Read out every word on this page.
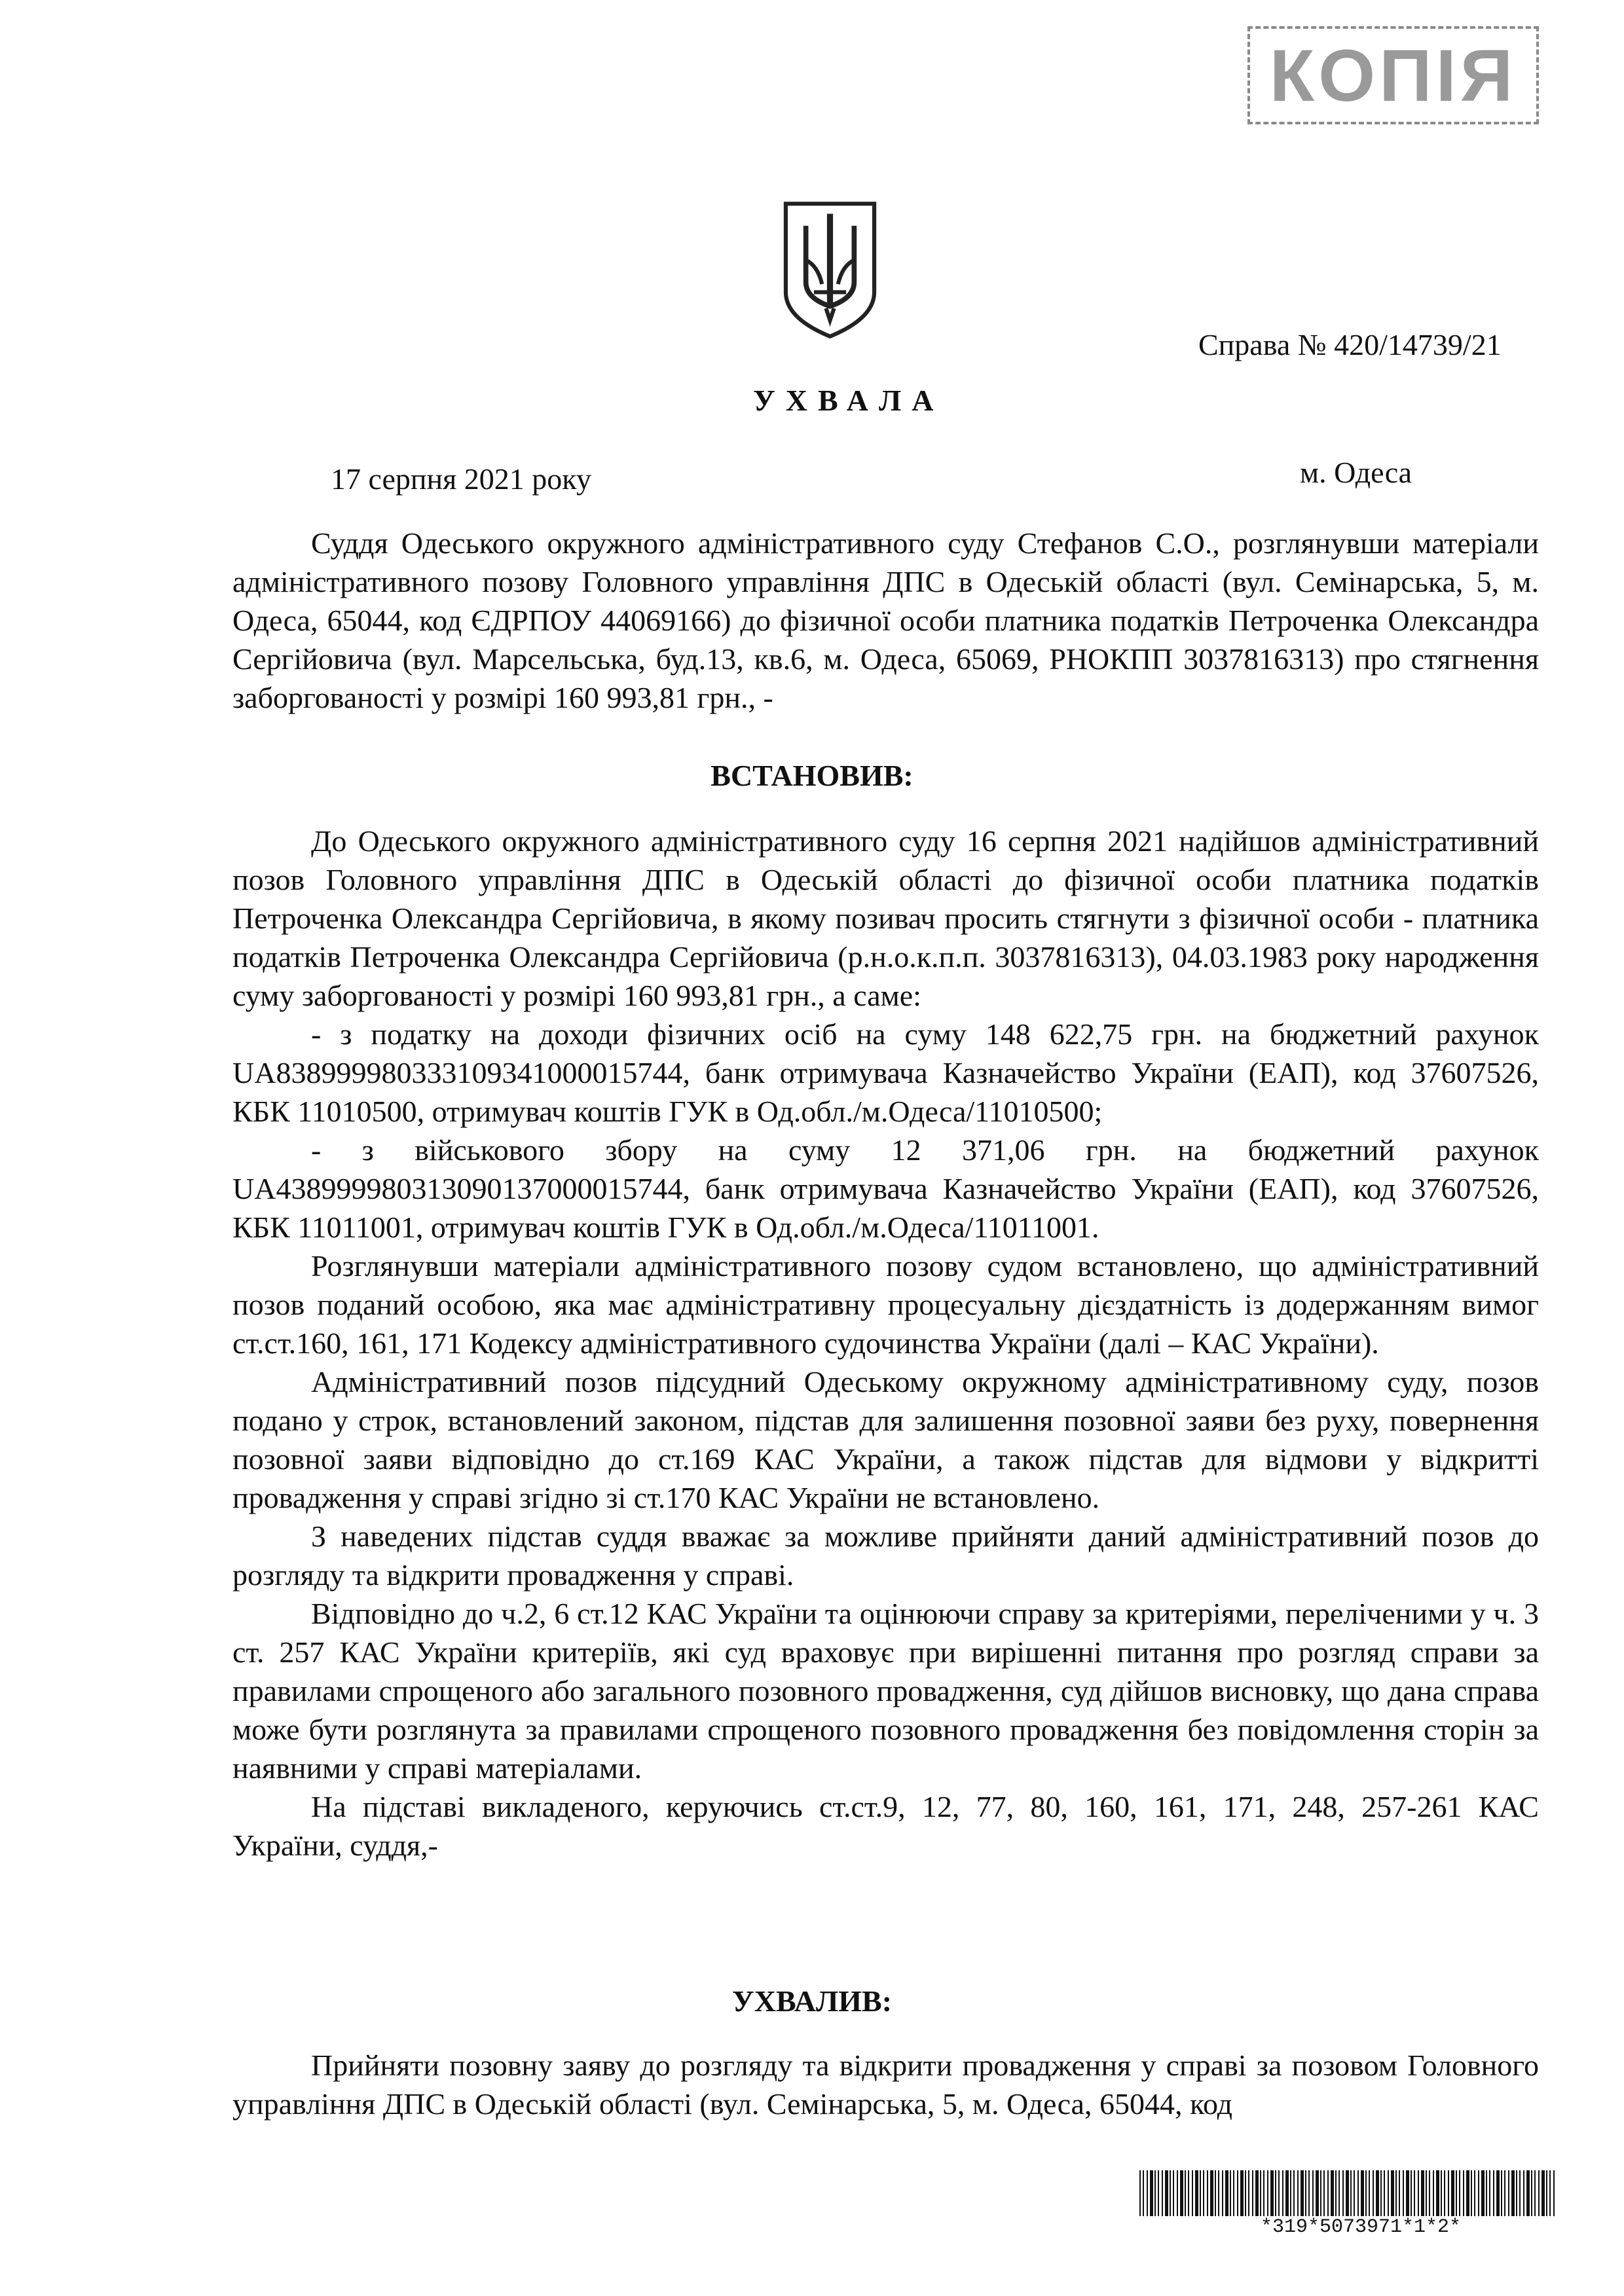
КОПІЯ
Справа № 420/14739/21
УХВАЛА
17 серпня 2021 року	м. Одеса

Суддя Одеського окружного адміністративного суду Стефанов С.О., розглянувши матеріали адміністративного позову Головного управління ДПС в Одеській області (вул. Семінарська, 5, м. Одеса, 65044, код ЄДРПОУ 44069166) до фізичної особи платника податків Петроченка Олександра Сергійовича (вул. Марсельська, буд.13, кв.6, м. Одеса, 65069, РНОКПП 3037816313) про стягнення заборгованості у розмірі 160 993,81 грн., -

ВСТАНОВИВ:

До Одеського окружного адміністративного суду 16 серпня 2021 надійшов адміністративний позов Головного управління ДПС в Одеській області до фізичної особи платника податків Петроченка Олександра Сергійовича, в якому позивач просить стягнути з фізичної особи - платника податків Петроченка Олександра Сергійовича (р.н.о.к.п.п. 3037816313), 04.03.1983 року народження суму заборгованості у розмірі 160 993,81 грн., а саме:

- з податку на доходи фізичних осіб на суму 148 622,75 грн. на бюджетний рахунок UA838999980333109341000015744, банк отримувача Казначейство України (ЕАП), код 37607526, КБК 11010500, отримувач коштів ГУК в Од.обл./м.Одеса/11010500;

- з військового збору на суму 12 371,06 грн. на бюджетний рахунок UA438999980313090137000015744, банк отримувача Казначейство України (ЕАП), код 37607526, КБК 11011001, отримувач коштів ГУК в Од.обл./м.Одеса/11011001.

Розглянувши матеріали адміністративного позову судом встановлено, що адміністративний позов поданий особою, яка має адміністративну процесуальну дієздатність із додержанням вимог ст.ст.160, 161, 171 Кодексу адміністративного судочинства України (далі – КАС України).

Адміністративний позов підсудний Одеському окружному адміністративному суду, позов подано у строк, встановлений законом, підстав для залишення позовної заяви без руху, повернення позовної заяви відповідно до ст.169 КАС України, а також підстав для відмови у відкритті провадження у справі згідно зі ст.170 КАС України не встановлено.

З наведених підстав суддя вважає за можливе прийняти даний адміністративний позов до розгляду та відкрити провадження у справі.

Відповідно до ч.2, 6 ст.12 КАС України та оцінюючи справу за критеріями, переліченими у ч. 3 ст. 257 КАС України критеріїв, які суд враховує при вирішенні питання про розгляд справи за правилами спрощеного або загального позовного провадження, суд дійшов висновку, що дана справа може бути розглянута за правилами спрощеного позовного провадження без повідомлення сторін за наявними у справі матеріалами.

На підставі викладеного, керуючись ст.ст.9, 12, 77, 80, 160, 161, 171, 248, 257-261 КАС України, суддя,-

УХВАЛИВ:

Прийняти позовну заяву до розгляду та відкрити провадження у справі за позовом Головного управління ДПС в Одеській області (вул. Семінарська, 5, м. Одеса, 65044, код

*319*5073971*1*2*
